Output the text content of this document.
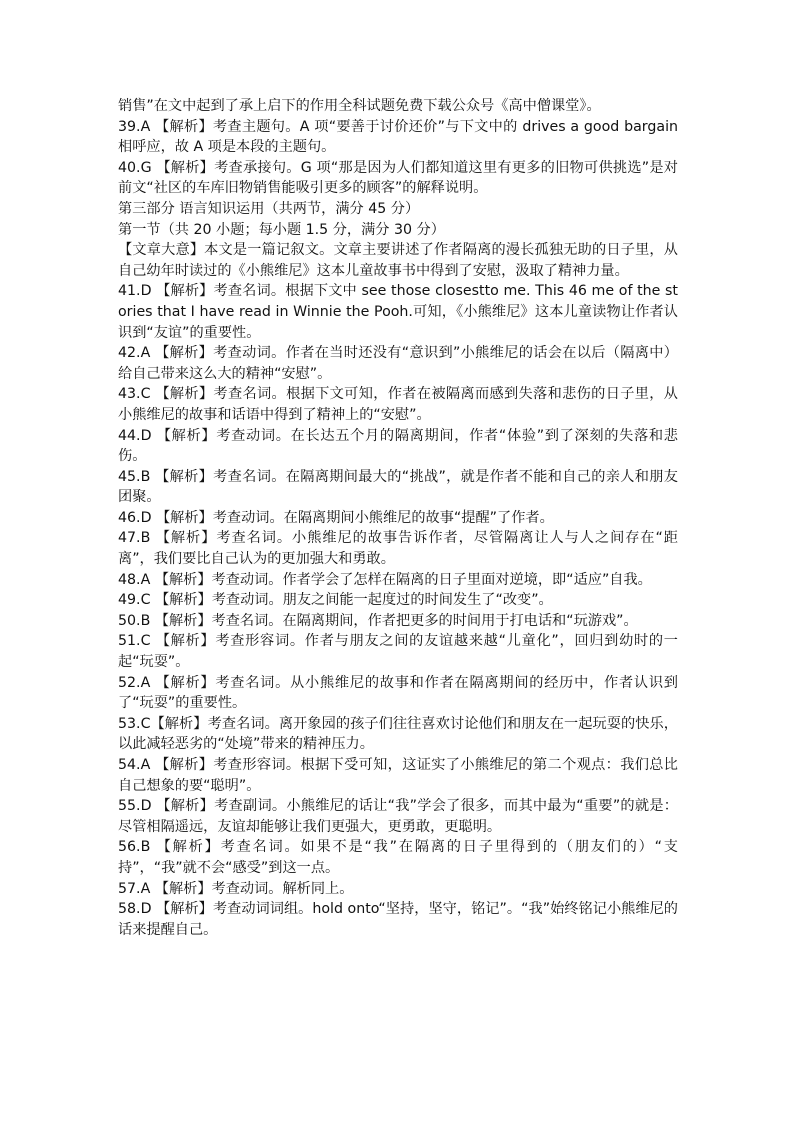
销售”在文中起到了承上启下的作用全科试题免费下载公众号《高中僧课堂》。

39.A 【解析】考查主题句。A 项“要善于讨价还价”与下文中的 drives a good bargain 相呼应，故 A 项是本段的主题句。

40.G 【解析】考查承接句。G 项“那是因为人们都知道这里有更多的旧物可供挑选”是对前文“社区的车库旧物销售能吸引更多的顾客”的解释说明。

第三部分 语言知识运用（共两节，满分 45 分）

第一节（共 20 小题；每小题 1.5 分，满分 30 分）

【文章大意】本文是一篇记叙文。文章主要讲述了作者隔离的漫长孤独无助的日子里，从自己幼年时读过的《小熊维尼》这本儿童故事书中得到了安慰，汲取了精神力量。

41.D 【解析】考查名词。根据下文中 see those closestto me. This 46 me of the stories that I have read in Winnie the Pooh.可知，《小熊维尼》这本儿童读物让作者认识到“友谊”的重要性。

42.A 【解析】考查动词。作者在当时还没有“意识到”小熊维尼的话会在以后（隔离中）给自己带来这么大的精神“安慰”。

43.C 【解析】考查名词。根据下文可知，作者在被隔离而感到失落和悲伤的日子里，从小熊维尼的故事和话语中得到了精神上的“安慰”。

44.D 【解析】考查动词。在长达五个月的隔离期间，作者“体验”到了深刻的失落和悲伤。

45.B 【解析】考查名词。在隔离期间最大的“挑战”，就是作者不能和自己的亲人和朋友团聚。

46.D 【解析】考查动词。在隔离期间小熊维尼的故事“提醒”了作者。

47.B 【解析】考查名词。小熊维尼的故事告诉作者，尽管隔离让人与人之间存在“距离”，我们要比自己认为的更加强大和勇敢。

48.A 【解析】考查动词。作者学会了怎样在隔离的日子里面对逆境，即“适应”自我。

49.C 【解析】考查动词。朋友之间能一起度过的时间发生了“改变”。

50.B 【解析】考查名词。在隔离期间，作者把更多的时间用于打电话和“玩游戏”。

51.C 【解析】考查形容词。作者与朋友之间的友谊越来越“儿童化”，回归到幼时的一起“玩耍”。

52.A 【解析】考查名词。从小熊维尼的故事和作者在隔离期间的经历中，作者认识到了“玩耍”的重要性。

53.C【解析】考查名词。离开象园的孩子们往往喜欢讨论他们和朋友在一起玩耍的快乐，以此减轻恶劣的“处境”带来的精神压力。

54.A 【解析】考查形容词。根据下受可知，这证实了小熊维尼的第二个观点：我们总比自己想象的要“聪明”。

55.D 【解析】考查副词。小熊维尼的话让“我”学会了很多，而其中最为“重要”的就是：尽管相隔遥远，友谊却能够让我们更强大，更勇敢，更聪明。

56.B 【解析】考查名词。如果不是“我”在隔离的日子里得到的（朋友们的）“支持”，“我”就不会“感受”到这一点。

57.A 【解析】考查动词。解析同上。

58.D 【解析】考查动词词组。hold onto“坚持，坚守，铭记”。“我”始终铭记小熊维尼的话来提醒自己。
